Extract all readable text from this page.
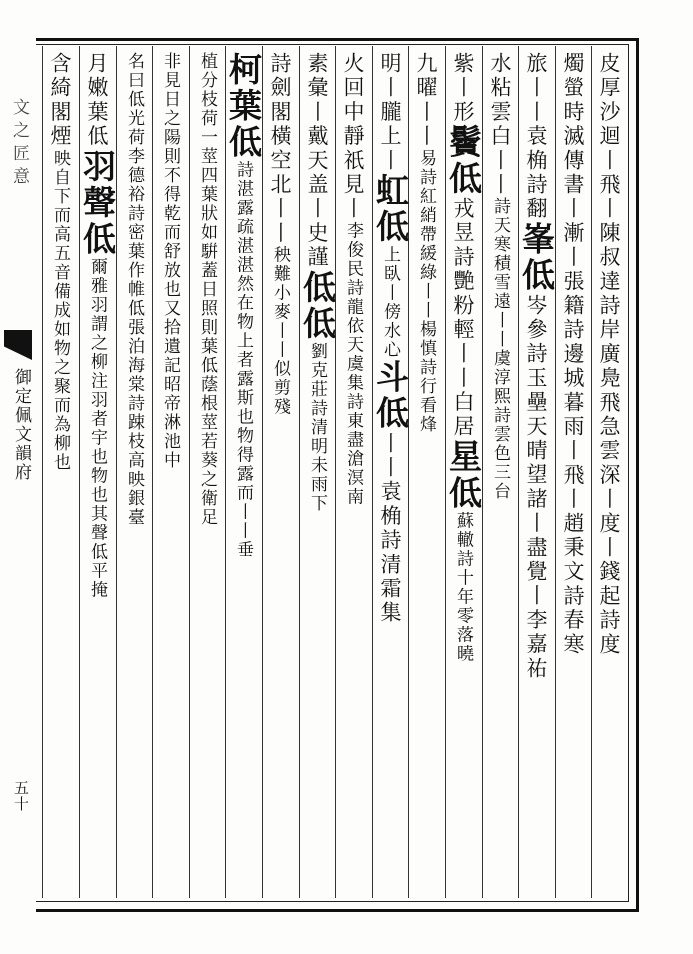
文之匠意
御定佩文韻府
五十
皮厚沙迴丨飛丨陳叔達詩岸廣鳧飛急雲深丨度丨錢起詩度
燭螢時滅傳書丨漸丨張籍詩邊城暮雨丨飛丨趙秉文詩春寒
旅丨丨袁桷詩翻峯低岑參詩玉壘天晴望諸丨盡覺丨李嘉祐
水粘雲白丨丨詩天寒積雪遠丨丨虞淳熙詩雲色三台
紫丨形鬢低戎昱詩艷粉輕丨丨白居星低蘇轍詩十年零落曉
九曜丨丨易詩紅綃帶緩綠丨丨楊慎詩行看烽
明丨朧上丨虹低上臥丨傍水心斗低丨丨袁桷詩清霜集
火回中靜祇見丨李俊民詩龍依天虞集詩東盡滄溟南
素彙丨戴天盖丨史謹低低劉克莊詩清明未雨下
詩劍閣橫空北丨丨秧難小麥丨丨似剪殘
柯葉低詩湛露疏湛湛然在物上者露斯也物得露而丨丨垂
植分枝荷一莖四葉狀如騈蓋日照則葉低蔭根莖若葵之衛足
非見日之陽則不得乾而舒放也又拾遺記昭帝淋池中
名曰低光荷李德裕詩密葉作帷低張泊海棠詩踈枝高映銀臺
月嫩葉低羽聲低爾雅羽謂之柳注羽者宇也物也其聲低平掩
含綺閣煙映自下而高五音備成如物之聚而為柳也
